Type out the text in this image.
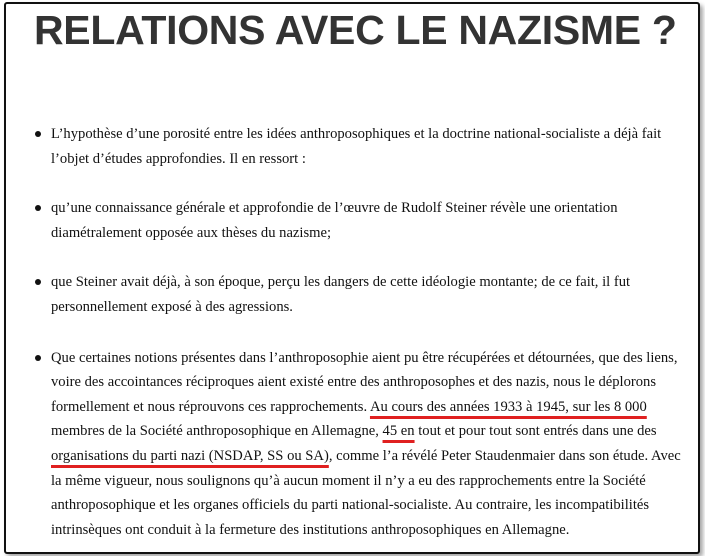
RELATIONS AVEC LE NAZISME ?
L’hypothèse d’une porosité entre les idées anthroposophiques et la doctrine national-socialiste a déjà fait l’objet d’études approfondies. Il en ressort :
qu’une connaissance générale et approfondie de l’œuvre de Rudolf Steiner révèle une orientation diamétralement opposée aux thèses du nazisme;
que Steiner avait déjà, à son époque, perçu les dangers de cette idéologie montante; de ce fait, il fut personnellement exposé à des agressions.
Que certaines notions présentes dans l’anthroposophie aient pu être récupérées et détournées, que des liens, voire des accointances réciproques aient existé entre des anthroposophes et des nazis, nous le déplorons formellement et nous réprouvons ces rapprochements. Au cours des années 1933 à 1945, sur les 8 000 membres de la Société anthroposophique en Allemagne, 45 en tout et pour tout sont entrés dans une des organisations du parti nazi (NSDAP, SS ou SA), comme l’a révélé Peter Staudenmaier dans son étude. Avec la même vigueur, nous soulignons qu’à aucun moment il n’y a eu des rapprochements entre la Société anthroposophique et les organes officiels du parti national-socialiste. Au contraire, les incompatibilités intrinsèques ont conduit à la fermeture des institutions anthroposophiques en Allemagne.
